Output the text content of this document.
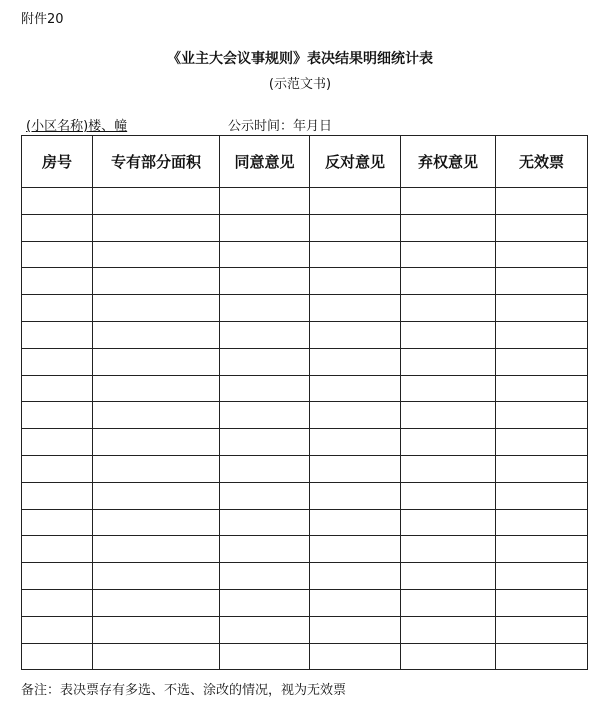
附件20
《业主大会议事规则》表决结果明细统计表
(示范文书)
(小区名称)楼、幢	公示时间：年月日
房号	专有部分面积	同意意见	反对意见	弃权意见	无效票

备注：表决票存有多选、不选、涂改的情况，视为无效票
